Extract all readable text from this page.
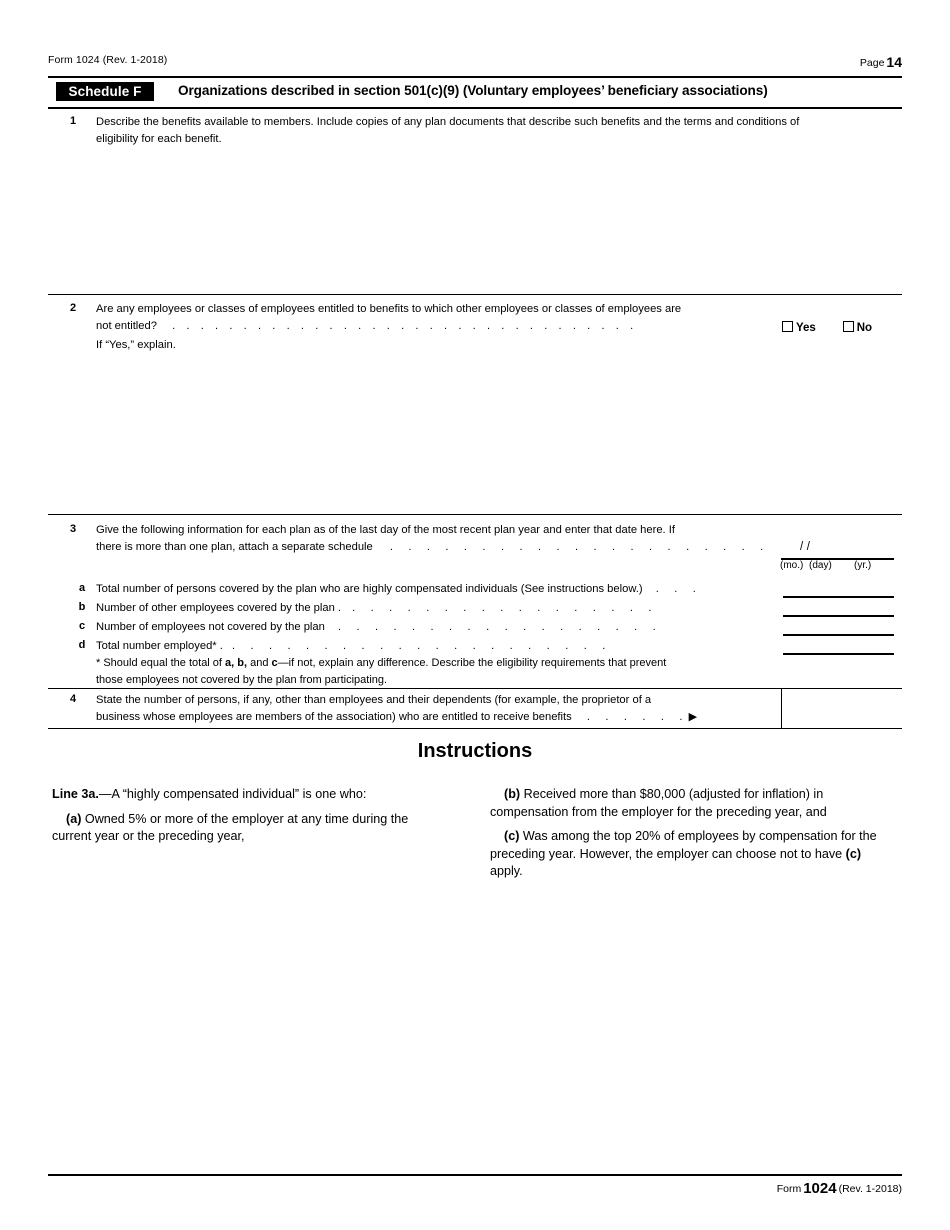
Form 1024 (Rev. 1-2018)	Page 14
Schedule F	Organizations described in section 501(c)(9) (Voluntary employees’ beneficiary associations)
1	Describe the benefits available to members. Include copies of any plan documents that describe such benefits and the terms and conditions of
eligibility for each benefit.
2	Are any employees or classes of employees entitled to benefits to which other employees or classes of employees are
not entitled? . . . . . . . . . . . . . . . . . . . . . . . . . . . . . . . . .	Yes	No
If “Yes,” explain.
3	Give the following information for each plan as of the last day of the most recent plan year and enter that date here. If
there is more than one plan, attach a separate schedule . . . . . . . . . . . . . . . . . . . . .	/ /
(mo.) (day) (yr.)
a Total number of persons covered by the plan who are highly compensated individuals (See instructions below.) . . .
b Number of other employees covered by the plan . . . . . . . . . . . . . . . . . .
c Number of employees not covered by the plan . . . . . . . . . . . . . . . . . .
d Total number employed* . . . . . . . . . . . . . . . . . . . . . .
* Should equal the total of a, b, and c—if not, explain any difference. Describe the eligibility requirements that prevent
those employees not covered by the plan from participating.
4	State the number of persons, if any, other than employees and their dependents (for example, the proprietor of a
business whose employees are members of the association) who are entitled to receive benefits . . . . . .▶
Instructions

Line 3a.—A “highly compensated individual” is one who:

(a) Owned 5% or more of the employer at any time during the current year or the preceding year,

(b) Received more than $80,000 (adjusted for inflation) in compensation from the employer for the preceding year, and

(c) Was among the top 20% of employees by compensation for the preceding year. However, the employer can choose not to have (c) apply.

Form 1024 (Rev. 1-2018)
